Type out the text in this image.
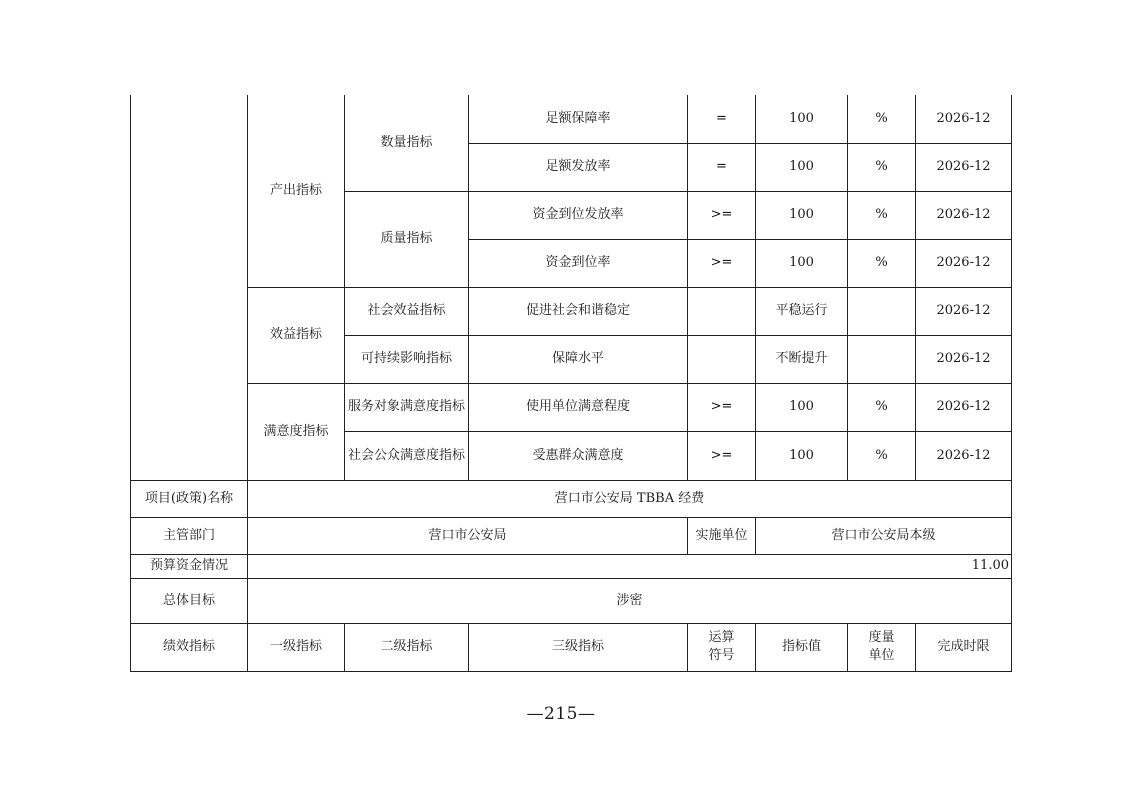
	产出指标	数量指标	足额保障率	=	100	%	2026-12
			足额发放率	=	100	%	2026-12
		质量指标	资金到位发放率	>=	100	%	2026-12
			资金到位率	>=	100	%	2026-12
	效益指标	社会效益指标	促进社会和谐稳定		平稳运行		2026-12
		可持续影响指标	保障水平		不断提升		2026-12
	满意度指标	服务对象满意度指标	使用单位满意程度	>=	100	%	2026-12
		社会公众满意度指标	受惠群众满意度	>=	100	%	2026-12
项目(政策)名称	营口市公安局 TBBA 经费						
主管部门	营口市公安局			实施单位	营口市公安局本级		
预算资金情况	11.00						
总体目标	涉密						
绩效指标	一级指标	二级指标	三级指标	运算符号	指标值	度量单位	完成时限
—215—
